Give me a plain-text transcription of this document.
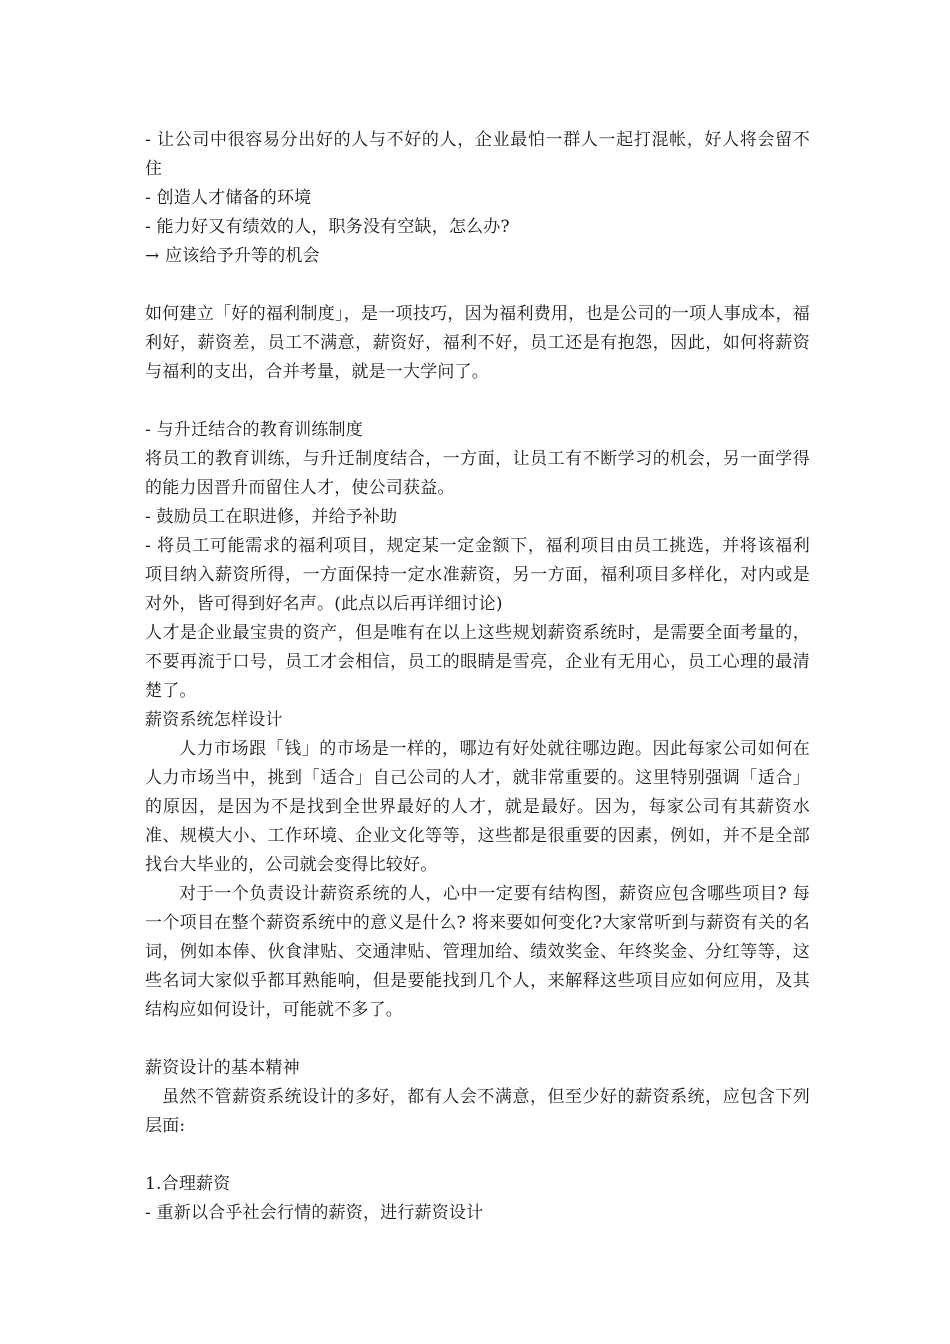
- 让公司中很容易分出好的人与不好的人，企业最怕一群人一起打混帐，好人将会留不住
- 创造人才储备的环境
- 能力好又有绩效的人，职务没有空缺，怎么办?
→ 应该给予升等的机会
如何建立「好的福利制度」，是一项技巧，因为福利费用，也是公司的一项人事成本，福利好，薪资差，员工不满意，薪资好，福利不好，员工还是有抱怨，因此，如何将薪资与福利的支出，合并考量，就是一大学问了。
- 与升迁结合的教育训练制度
将员工的教育训练，与升迁制度结合，一方面，让员工有不断学习的机会，另一面学得的能力因晋升而留住人才，使公司获益。
- 鼓励员工在职进修，并给予补助
- 将员工可能需求的福利项目，规定某一定金额下，福利项目由员工挑选，并将该福利项目纳入薪资所得，一方面保持一定水准薪资，另一方面，福利项目多样化，对内或是对外，皆可得到好名声。(此点以后再详细讨论)
人才是企业最宝贵的资产，但是唯有在以上这些规划薪资系统时，是需要全面考量的，不要再流于口号，员工才会相信，员工的眼睛是雪亮，企业有无用心，员工心理的最清楚了。
薪资系统怎样设计
人力市场跟「钱」的市场是一样的，哪边有好处就往哪边跑。因此每家公司如何在人力市场当中，挑到「适合」自己公司的人才，就非常重要的。这里特别强调「适合」的原因，是因为不是找到全世界最好的人才，就是最好。因为，每家公司有其薪资水准、规模大小、工作环境、企业文化等等，这些都是很重要的因素，例如，并不是全部找台大毕业的，公司就会变得比较好。
对于一个负责设计薪资系统的人，心中一定要有结构图，薪资应包含哪些项目? 每一个项目在整个薪资系统中的意义是什么? 将来要如何变化?大家常听到与薪资有关的名词，例如本俸、伙食津贴、交通津贴、管理加给、绩效奖金、年终奖金、分红等等，这些名词大家似乎都耳熟能响，但是要能找到几个人，来解释这些项目应如何应用，及其结构应如何设计，可能就不多了。
薪资设计的基本精神
虽然不管薪资系统设计的多好，都有人会不满意，但至少好的薪资系统，应包含下列层面:
1.合理薪资
- 重新以合乎社会行情的薪资，进行薪资设计
